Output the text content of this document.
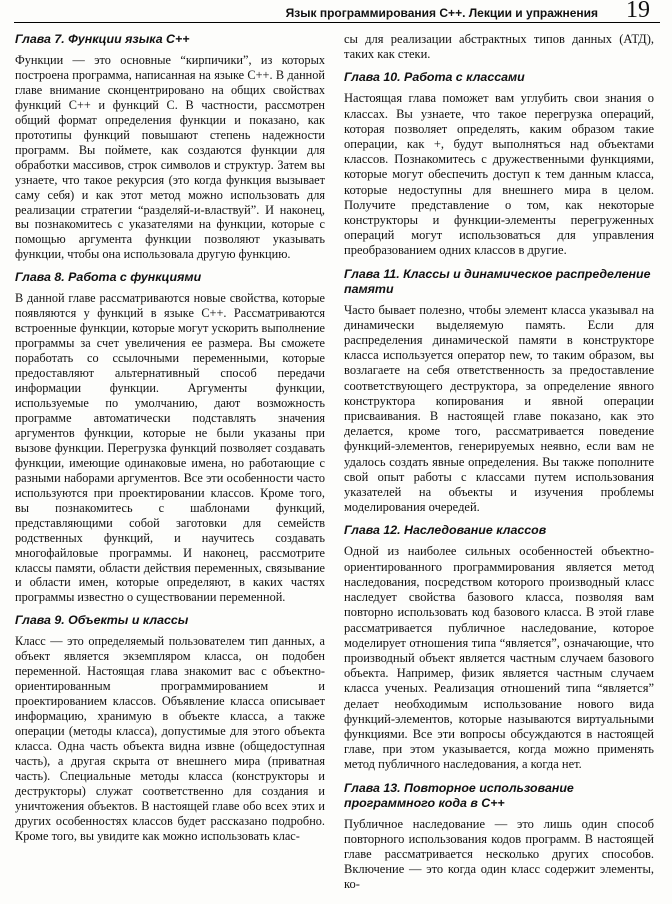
Язык программирования С++. Лекции и упражнения 19
Глава 7. Функции языка С++

Функции — это основные “кирпичики”, из которых построена программа, написанная на языке С++. В данной главе внимание сконцентрировано на общих свойствах функций С++ и функций С. В частности, рассмотрен общий формат определения функции и показано, как прототипы функций повышают степень надежности программ. Вы поймете, как создаются функции для обработки массивов, строк символов и структур. Затем вы узнаете, что такое рекурсия (это когда функция вызывает саму себя) и как этот метод можно использовать для реализации стратегии “разделяй-и-властвуй”. И наконец, вы познакомитесь с указателями на функции, которые с помощью аргумента функции позволяют указывать функции, чтобы она использовала другую функцию.

Глава 8. Работа с функциями

В данной главе рассматриваются новые свойства, которые появляются у функций в языке С++. Рассматриваются встроенные функции, которые могут ускорить выполнение программы за счет увеличения ее размера. Вы сможете поработать со ссылочными переменными, которые предоставляют альтернативный способ передачи информации функции. Аргументы функции, используемые по умолчанию, дают возможность программе автоматически подставлять значения аргументов функции, которые не были указаны при вызове функции. Перегрузка функций позволяет создавать функции, имеющие одинаковые имена, но работающие с разными наборами аргументов. Все эти особенности часто используются при проектировании классов. Кроме того, вы познакомитесь с шаблонами функций, представляющими собой заготовки для семейств родственных функций, и научитесь создавать многофайловые программы. И наконец, рассмотрите классы памяти, области действия переменных, связывание и области имен, которые определяют, в каких частях программы известно о существовании переменной.

Глава 9. Объекты и классы

Класс — это определяемый пользователем тип данных, а объект является экземпляром класса, он подобен переменной. Настоящая глава знакомит вас с объектно-ориентированным программированием и проектированием классов. Объявление класса описывает информацию, хранимую в объекте класса, а также операции (методы класса), допустимые для этого объекта класса. Одна часть объекта видна извне (общедоступная часть), а другая скрыта от внешнего мира (приватная часть). Специальные методы класса (конструкторы и деструкторы) служат соответственно для создания и уничтожения объектов. В настоящей главе обо всех этих и других особенностях классов будет рассказано подробно. Кроме того, вы увидите как можно использовать клас-

сы для реализации абстрактных типов данных (АТД), таких как стеки.

Глава 10. Работа с классами

Настоящая глава поможет вам углубить свои знания о классах. Вы узнаете, что такое перегрузка операций, которая позволяет определять, каким образом такие операции, как +, будут выполняться над объектами классов. Познакомитесь с дружественными функциями, которые могут обеспечить доступ к тем данным класса, которые недоступны для внешнего мира в целом. Получите представление о том, как некоторые конструкторы и функции-элементы перегруженных операций могут использоваться для управления преобразованием одних классов в другие.

Глава 11. Классы и динамическое распределение памяти

Часто бывает полезно, чтобы элемент класса указывал на динамически выделяемую память. Если для распределения динамической памяти в конструкторе класса используется оператор new, то таким образом, вы возлагаете на себя ответственность за предоставление соответствующего деструктора, за определение явного конструктора копирования и явной операции присваивания. В настоящей главе показано, как это делается, кроме того, рассматривается поведение функций-элементов, генерируемых неявно, если вам не удалось создать явные определения. Вы также пополните свой опыт работы с классами путем использования указателей на объекты и изучения проблемы моделирования очередей.

Глава 12. Наследование классов

Одной из наиболее сильных особенностей объектно-ориентированного программирования является метод наследования, посредством которого производный класс наследует свойства базового класса, позволяя вам повторно использовать код базового класса. В этой главе рассматривается публичное наследование, которое моделирует отношения типа “является”, означающие, что производный объект является частным случаем базового объекта. Например, физик является частным случаем класса ученых. Реализация отношений типа “является” делает необходимым использование нового вида функций-элементов, которые называются виртуальными функциями. Все эти вопросы обсуждаются в настоящей главе, при этом указывается, когда можно применять метод публичного наследования, а когда нет.

Глава 13. Повторное использование программного кода в С++

Публичное наследование — это лишь один способ повторного использования кодов программ. В настоящей главе рассматривается несколько других способов. Включение — это когда один класс содержит элементы, ко-
